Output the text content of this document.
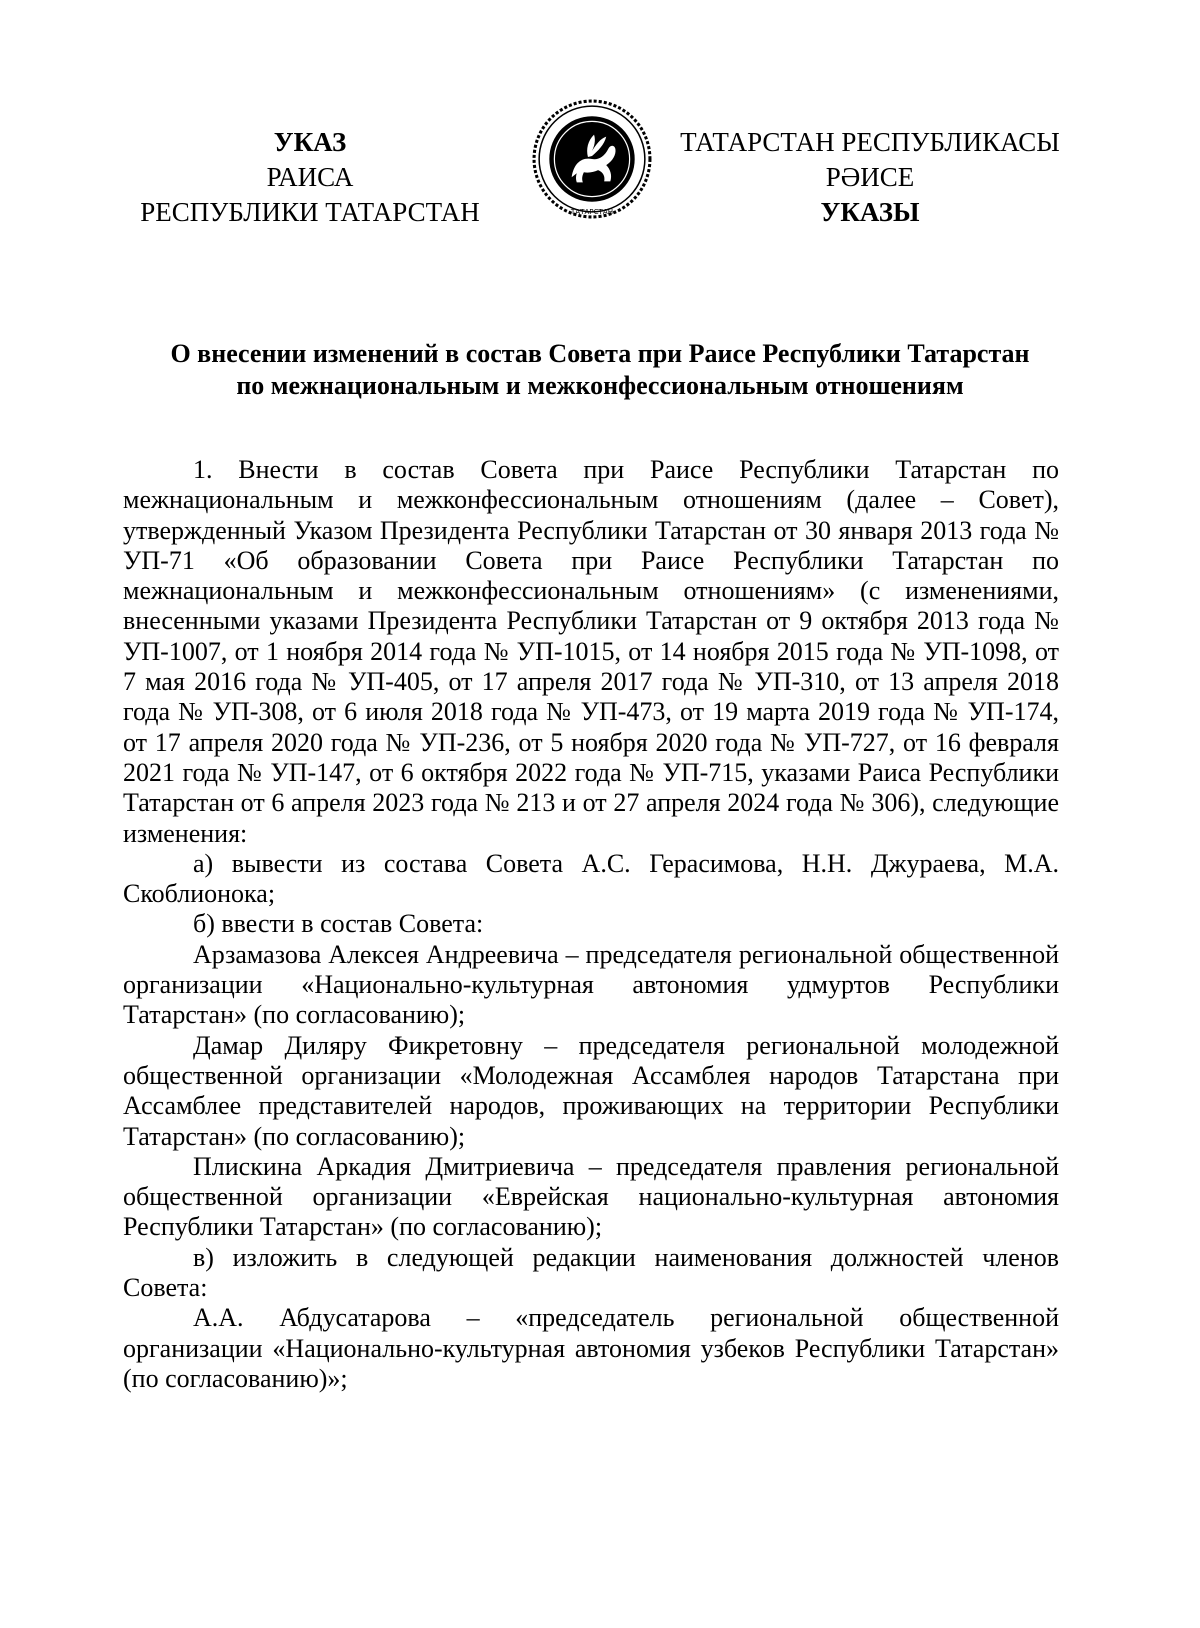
УКАЗ
РАИСА
РЕСПУБЛИКИ ТАТАРСТАН
ТАТАРСТАН РЕСПУБЛИКАСЫ
РӘИСЕ
УКАЗЫ
ТАТАРСТАН
О внесении изменений в состав Совета при Раисе Республики Татарстан
по межнациональным и межконфессиональным отношениям

1. Внести в состав Совета при Раисе Республики Татарстан по межнациональным и межконфессиональным отношениям (далее – Совет), утвержденный Указом Президента Республики Татарстан от 30 января 2013 года № УП-71 «Об образовании Совета при Раисе Республики Татарстан по межнациональным и межконфессиональным отношениям» (с изменениями, внесенными указами Президента Республики Татарстан от 9 октября 2013 года № УП-1007, от 1 ноября 2014 года № УП-1015, от 14 ноября 2015 года № УП-1098, от 7 мая 2016 года № УП-405, от 17 апреля 2017 года № УП-310, от 13 апреля 2018 года № УП-308, от 6 июля 2018 года № УП-473, от 19 марта 2019 года № УП-174, от 17 апреля 2020 года № УП-236, от 5 ноября 2020 года № УП-727, от 16 февраля 2021 года № УП-147, от 6 октября 2022 года № УП-715, указами Раиса Республики Татарстан от 6 апреля 2023 года № 213 и от 27 апреля 2024 года № 306), следующие изменения:

а) вывести из состава Совета А.С. Герасимова, Н.Н. Джураева, М.А. Скоблионока;

б) ввести в состав Совета:

Арзамазова Алексея Андреевича – председателя региональной общественной организации «Национально-культурная автономия удмуртов Республики Татарстан» (по согласованию);

Дамар Диляру Фикретовну – председателя региональной молодежной общественной организации «Молодежная Ассамблея народов Татарстана при Ассамблее представителей народов, проживающих на территории Республики Татарстан» (по согласованию);

Плискина Аркадия Дмитриевича – председателя правления региональной общественной организации «Еврейская национально-культурная автономия Республики Татарстан» (по согласованию);

в) изложить в следующей редакции наименования должностей членов Совета:

А.А. Абдусатарова – «председатель региональной общественной организации «Национально-культурная автономия узбеков Республики Татарстан» (по согласованию)»;
